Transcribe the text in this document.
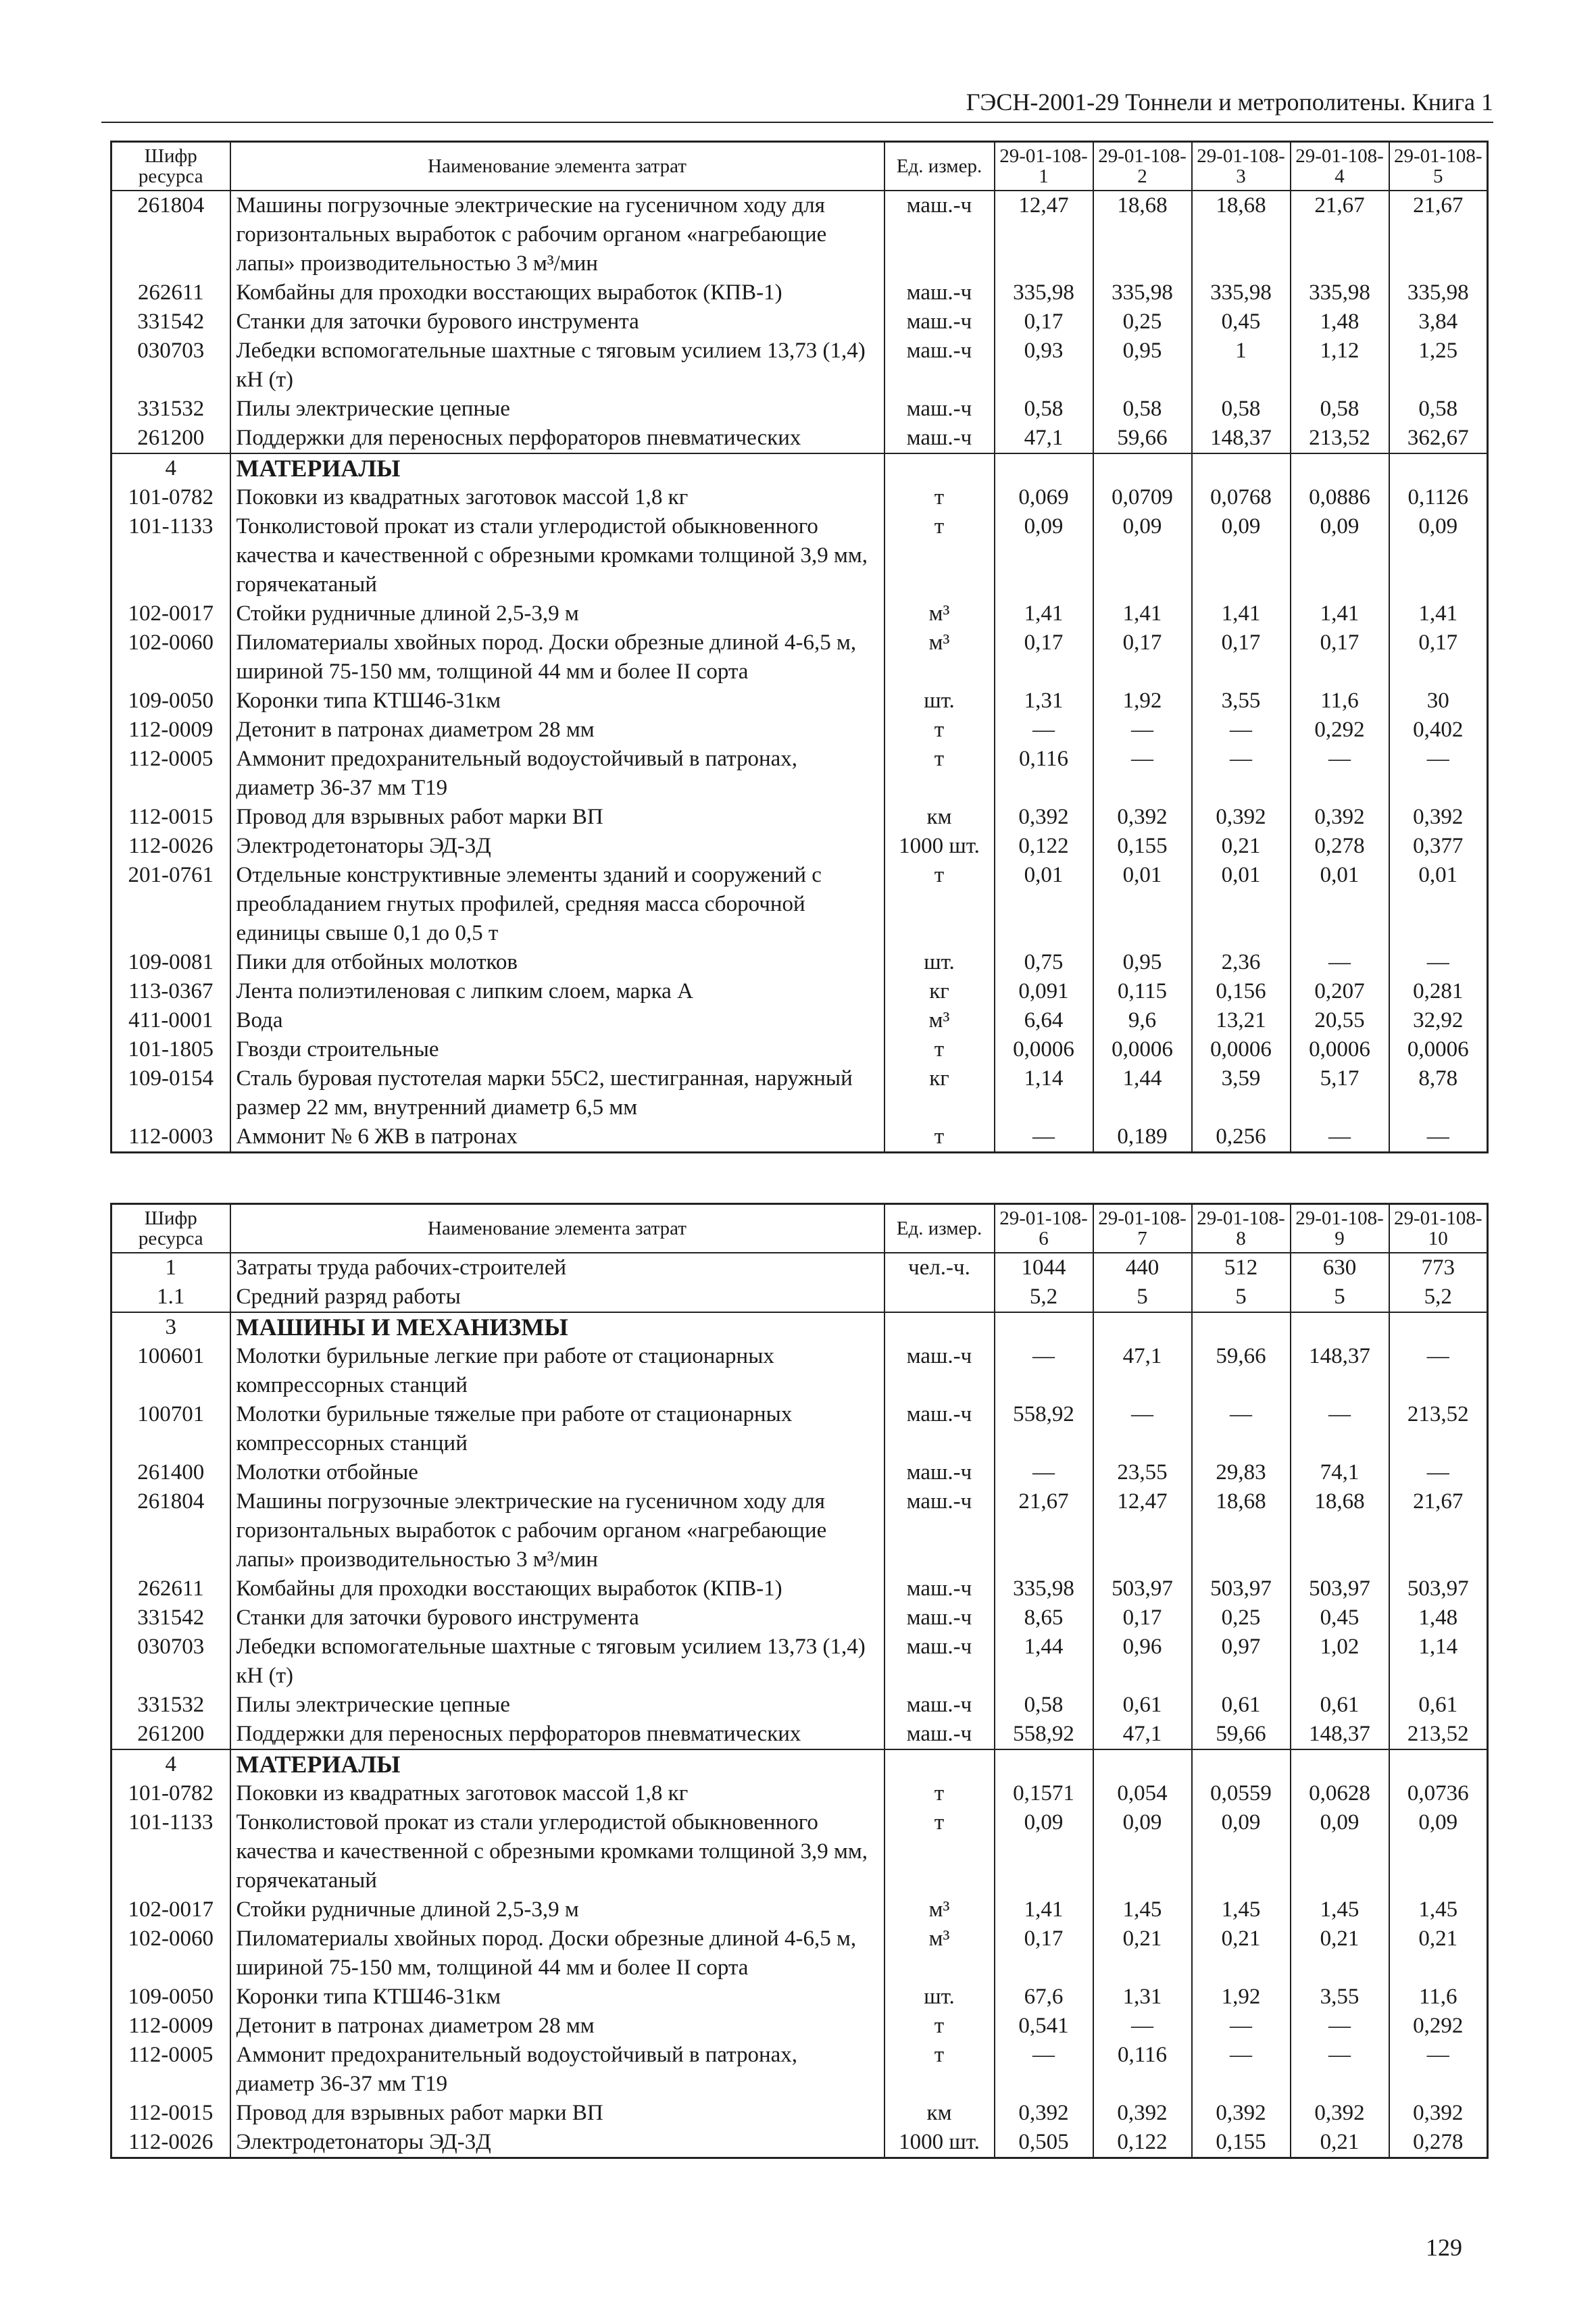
ГЭСН-2001-29 Тоннели и метрополитены. Книга 1
Шифр ресурса	Наименование элемента затрат	Ед. измер.	29-01-108-1	29-01-108-2	29-01-108-3	29-01-108-4	29-01-108-5
261804	Машины погрузочные электрические на гусеничном ходу для горизонтальных выработок с рабочим органом «нагребающие лапы» производительностью 3 м³/мин	маш.-ч	12,47	18,68	18,68	21,67	21,67
262611	Комбайны для проходки восстающих выработок (КПВ-1)	маш.-ч	335,98	335,98	335,98	335,98	335,98
331542	Станки для заточки бурового инструмента	маш.-ч	0,17	0,25	0,45	1,48	3,84
030703	Лебедки вспомогательные шахтные с тяговым усилием 13,73 (1,4) кН (т)	маш.-ч	0,93	0,95	1	1,12	1,25
331532	Пилы электрические цепные	маш.-ч	0,58	0,58	0,58	0,58	0,58
261200	Поддержки для переносных перфораторов пневматических	маш.-ч	47,1	59,66	148,37	213,52	362,67
4	МАТЕРИАЛЫ						
101-0782	Поковки из квадратных заготовок массой 1,8 кг	т	0,069	0,0709	0,0768	0,0886	0,1126
101-1133	Тонколистовой прокат из стали углеродистой обыкновенного качества и качественной с обрезными кромками толщиной 3,9 мм, горячекатаный	т	0,09	0,09	0,09	0,09	0,09
102-0017	Стойки рудничные длиной 2,5-3,9 м	м³	1,41	1,41	1,41	1,41	1,41
102-0060	Пиломатериалы хвойных пород. Доски обрезные длиной 4-6,5 м, шириной 75-150 мм, толщиной 44 мм и более II сорта	м³	0,17	0,17	0,17	0,17	0,17
109-0050	Коронки типа КТШ46-31км	шт.	1,31	1,92	3,55	11,6	30
112-0009	Детонит в патронах диаметром 28 мм	т	—	—	—	0,292	0,402
112-0005	Аммонит предохранительный водоустойчивый в патронах, диаметр 36-37 мм Т19	т	0,116	—	—	—	—
112-0015	Провод для взрывных работ марки ВП	км	0,392	0,392	0,392	0,392	0,392
112-0026	Электродетонаторы ЭД-3Д	1000 шт.	0,122	0,155	0,21	0,278	0,377
201-0761	Отдельные конструктивные элементы зданий и сооружений с преобладанием гнутых профилей, средняя масса сборочной единицы свыше 0,1 до 0,5 т	т	0,01	0,01	0,01	0,01	0,01
109-0081	Пики для отбойных молотков	шт.	0,75	0,95	2,36	—	—
113-0367	Лента полиэтиленовая с липким слоем, марка А	кг	0,091	0,115	0,156	0,207	0,281
411-0001	Вода	м³	6,64	9,6	13,21	20,55	32,92
101-1805	Гвозди строительные	т	0,0006	0,0006	0,0006	0,0006	0,0006
109-0154	Сталь буровая пустотелая марки 55С2, шестигранная, наружный размер 22 мм, внутренний диаметр 6,5 мм	кг	1,14	1,44	3,59	5,17	8,78
112-0003	Аммонит № 6 ЖВ в патронах	т	—	0,189	0,256	—	—
Шифр ресурса	Наименование элемента затрат	Ед. измер.	29-01-108-6	29-01-108-7	29-01-108-8	29-01-108-9	29-01-108-10
1	Затраты труда рабочих-строителей	чел.-ч.	1044	440	512	630	773
1.1	Средний разряд работы		5,2	5	5	5	5,2
3	МАШИНЫ И МЕХАНИЗМЫ						
100601	Молотки бурильные легкие при работе от стационарных компрессорных станций	маш.-ч	—	47,1	59,66	148,37	—
100701	Молотки бурильные тяжелые при работе от стационарных компрессорных станций	маш.-ч	558,92	—	—	—	213,52
261400	Молотки отбойные	маш.-ч	—	23,55	29,83	74,1	—
261804	Машины погрузочные электрические на гусеничном ходу для горизонтальных выработок с рабочим органом «нагребающие лапы» производительностью 3 м³/мин	маш.-ч	21,67	12,47	18,68	18,68	21,67
262611	Комбайны для проходки восстающих выработок (КПВ-1)	маш.-ч	335,98	503,97	503,97	503,97	503,97
331542	Станки для заточки бурового инструмента	маш.-ч	8,65	0,17	0,25	0,45	1,48
030703	Лебедки вспомогательные шахтные с тяговым усилием 13,73 (1,4) кН (т)	маш.-ч	1,44	0,96	0,97	1,02	1,14
331532	Пилы электрические цепные	маш.-ч	0,58	0,61	0,61	0,61	0,61
261200	Поддержки для переносных перфораторов пневматических	маш.-ч	558,92	47,1	59,66	148,37	213,52
4	МАТЕРИАЛЫ						
101-0782	Поковки из квадратных заготовок массой 1,8 кг	т	0,1571	0,054	0,0559	0,0628	0,0736
101-1133	Тонколистовой прокат из стали углеродистой обыкновенного качества и качественной с обрезными кромками толщиной 3,9 мм, горячекатаный	т	0,09	0,09	0,09	0,09	0,09
102-0017	Стойки рудничные длиной 2,5-3,9 м	м³	1,41	1,45	1,45	1,45	1,45
102-0060	Пиломатериалы хвойных пород. Доски обрезные длиной 4-6,5 м, шириной 75-150 мм, толщиной 44 мм и более II сорта	м³	0,17	0,21	0,21	0,21	0,21
109-0050	Коронки типа КТШ46-31км	шт.	67,6	1,31	1,92	3,55	11,6
112-0009	Детонит в патронах диаметром 28 мм	т	0,541	—	—	—	0,292
112-0005	Аммонит предохранительный водоустойчивый в патронах, диаметр 36-37 мм Т19	т	—	0,116	—	—	—
112-0015	Провод для взрывных работ марки ВП	км	0,392	0,392	0,392	0,392	0,392
112-0026	Электродетонаторы ЭД-3Д	1000 шт.	0,505	0,122	0,155	0,21	0,278
129
